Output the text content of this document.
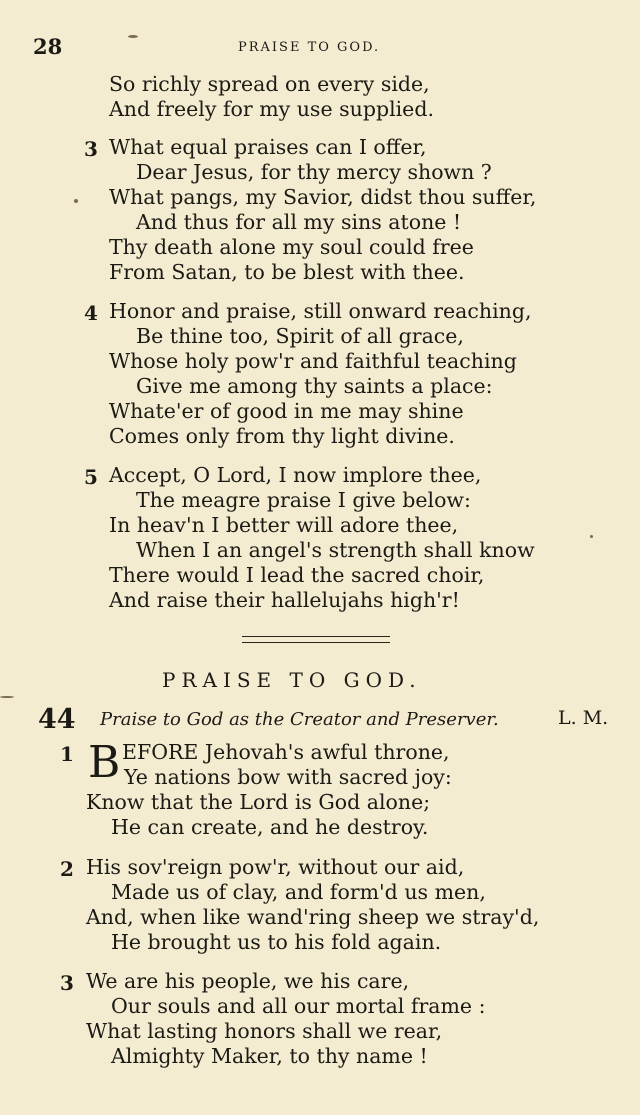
28	PRAISE TO GOD.
So richly spread on every side,
And freely for my use supplied.
3 What equal praises can I offer,
Dear Jesus, for thy mercy shown ?
What pangs, my Savior, didst thou suffer,
And thus for all my sins atone !
Thy death alone my soul could free
From Satan, to be blest with thee.
4 Honor and praise, still onward reaching,
Be thine too, Spirit of all grace,
Whose holy pow'r and faithful teaching
Give me among thy saints a place:
Whate'er of good in me may shine
Comes only from thy light divine.
5 Accept, O Lord, I now implore thee,
The meagre praise I give below:
In heav'n I better will adore thee,
When I an angel's strength shall know
There would I lead the sacred choir,
And raise their hallelujahs high'r!
PRAISE TO GOD.
44 Praise to God as the Creator and Preserver.	L. M.
1 B EFORE Jehovah's awful throne,
Ye nations bow with sacred joy:
Know that the Lord is God alone;
He can create, and he destroy.
2 His sov'reign pow'r, without our aid,
Made us of clay, and form'd us men,
And, when like wand'ring sheep we stray'd,
He brought us to his fold again.
3 We are his people, we his care,
Our souls and all our mortal frame :
What lasting honors shall we rear,
Almighty Maker, to thy name !
